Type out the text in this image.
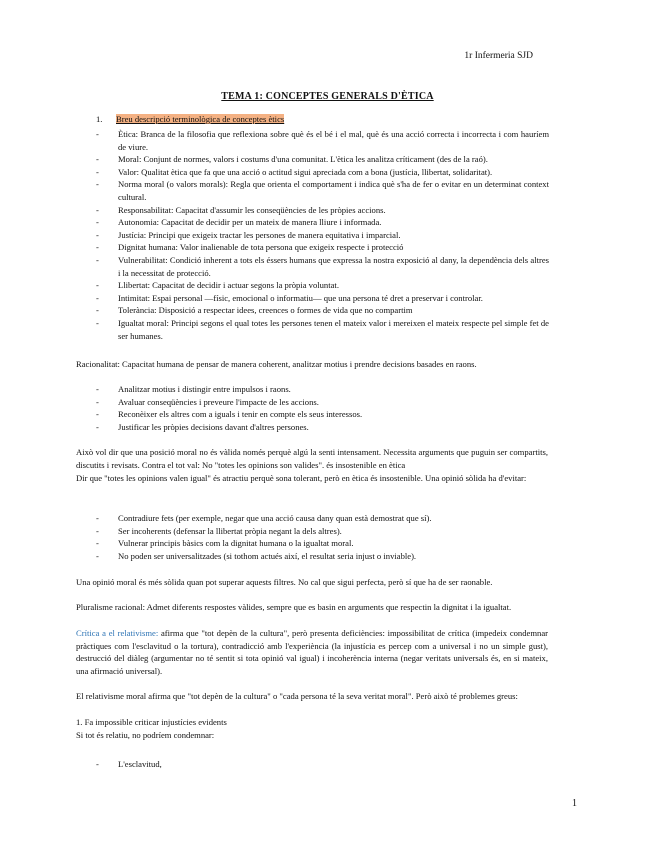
1r Infermeria SJD
TEMA 1: CONCEPTES GENERALS D'ÈTICA
1. Breu descripció terminològica de conceptes ètics
- Ètica: Branca de la filosofia que reflexiona sobre què és el bé i el mal, què és una acció correcta i incorrecta i com hauríem de viure.
- Moral: Conjunt de normes, valors i costums d'una comunitat. L'ètica les analitza críticament (des de la raó).
- Valor: Qualitat ètica que fa que una acció o actitud sigui apreciada com a bona (justícia, llibertat, solidaritat).
- Norma moral (o valors morals): Regla que orienta el comportament i indica què s'ha de fer o evitar en un determinat context cultural.
- Responsabilitat: Capacitat d'assumir les conseqüències de les pròpies accions.
- Autonomia: Capacitat de decidir per un mateix de manera lliure i informada.
- Justícia: Principi que exigeix tractar les persones de manera equitativa i imparcial.
- Dignitat humana: Valor inalienable de tota persona que exigeix respecte i protecció
- Vulnerabilitat: Condició inherent a tots els éssers humans que expressa la nostra exposició al dany, la dependència dels altres i la necessitat de protecció.
- Llibertat: Capacitat de decidir i actuar segons la pròpia voluntat.
- Intimitat: Espai personal —físic, emocional o informatiu— que una persona té dret a preservar i controlar.
- Tolerància: Disposició a respectar idees, creences o formes de vida que no compartim
- Igualtat moral: Principi segons el qual totes les persones tenen el mateix valor i mereixen el mateix respecte pel simple fet de ser humanes.

Racionalitat: Capacitat humana de pensar de manera coherent, analitzar motius i prendre decisions basades en raons.

- Analitzar motius i distingir entre impulsos i raons.
- Avaluar conseqüències i preveure l'impacte de les accions.
- Reconèixer els altres com a iguals i tenir en compte els seus interessos.
- Justificar les pròpies decisions davant d'altres persones.

Això vol dir que una posició moral no és vàlida només perquè algú la senti intensament. Necessita arguments que puguin ser compartits, discutits i revisats. Contra el tot val: No "totes les opinions son valides". és insostenible en ètica

Dir que "totes les opinions valen igual" és atractiu perquè sona tolerant, però en ètica és insostenible. Una opinió sòlida ha d'evitar:

- Contradiure fets (per exemple, negar que una acció causa dany quan està demostrat que sí).
- Ser incoherents (defensar la llibertat pròpia negant la dels altres).
- Vulnerar principis bàsics com la dignitat humana o la igualtat moral.
- No poden ser universalitzades (si tothom actués així, el resultat seria injust o inviable).

Una opinió moral és més sòlida quan pot superar aquests filtres. No cal que sigui perfecta, però sí que ha de ser raonable.

Pluralisme racional: Admet diferents respostes vàlides, sempre que es basin en arguments que respectin la dignitat i la igualtat.

Crítica a el relativisme: afirma que "tot depèn de la cultura", però presenta deficiències: impossibilitat de crítica (impedeix condemnar pràctiques com l'esclavitud o la tortura), contradicció amb l'experiència (la injustícia es percep com a universal i no un simple gust), destrucció del diàleg (argumentar no té sentit si tota opinió val igual) i incoherència interna (negar veritats universals és, en si mateix, una afirmació universal).

El relativisme moral afirma que "tot depèn de la cultura" o "cada persona té la seva veritat moral". Però això té problemes greus:

1. Fa impossible criticar injustícies evidents

Si tot és relatiu, no podríem condemnar:

- L'esclavitud,
1
